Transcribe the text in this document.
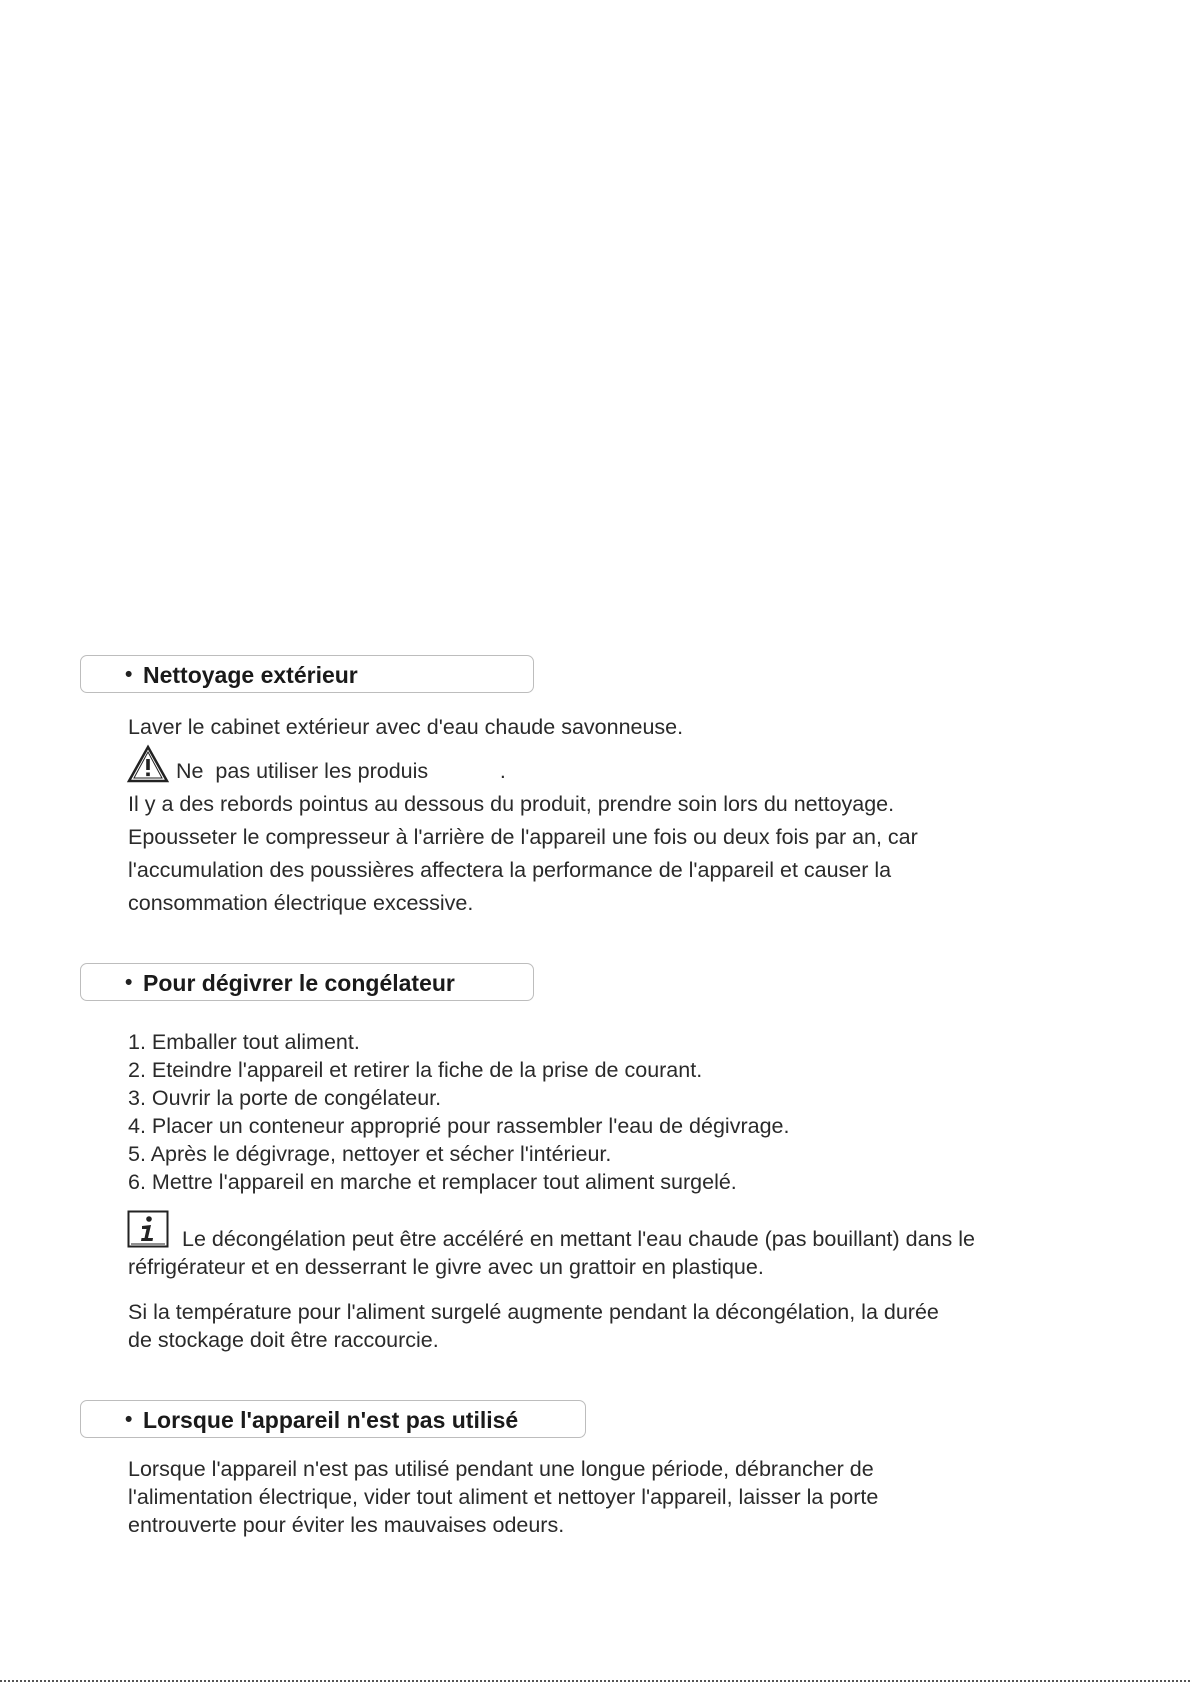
• Nettoyage extérieur
Laver le cabinet extérieur avec d'eau chaude savonneuse.
Ne  pas utiliser les produis            .
Il y a des rebords pointus au dessous du produit, prendre soin lors du nettoyage.
Epousseter le compresseur à l'arrière de l'appareil une fois ou deux fois par an, car
l'accumulation des poussières affectera la performance de l'appareil et causer la
consommation électrique excessive.
• Pour dégivrer le congélateur
1. Emballer tout aliment.
2. Eteindre l'appareil et retirer la fiche de la prise de courant.
3. Ouvrir la porte de congélateur.
4. Placer un conteneur approprié pour rassembler l'eau de dégivrage.
5. Après le dégivrage, nettoyer et sécher l'intérieur.
6. Mettre l'appareil en marche et remplacer tout aliment surgelé.
Le décongélation peut être accéléré en mettant l'eau chaude (pas bouillant) dans le
réfrigérateur et en desserrant le givre avec un grattoir en plastique.
Si la température pour l'aliment surgelé augmente pendant la décongélation, la durée
de stockage doit être raccourcie.
• Lorsque l'appareil n'est pas utilisé
Lorsque l'appareil n'est pas utilisé pendant une longue période, débrancher de
l'alimentation électrique, vider tout aliment et nettoyer l'appareil, laisser la porte
entrouverte pour éviter les mauvaises odeurs.
